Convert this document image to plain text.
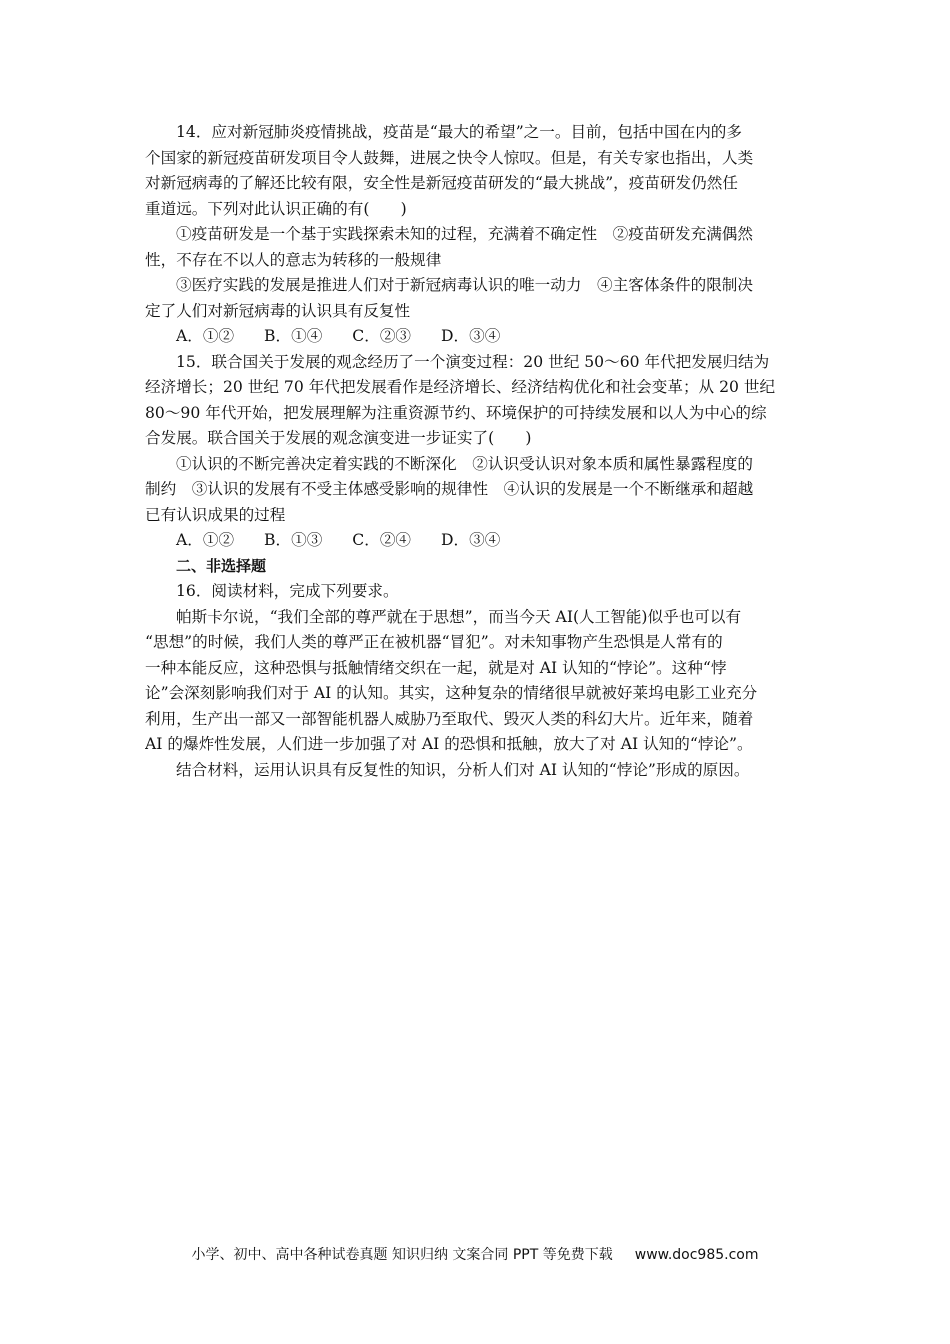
14．应对新冠肺炎疫情挑战，疫苗是“最大的希望”之一。目前，包括中国在内的多
个国家的新冠疫苗研发项目令人鼓舞，进展之快令人惊叹。但是，有关专家也指出，人类
对新冠病毒的了解还比较有限，安全性是新冠疫苗研发的“最大挑战”，疫苗研发仍然任
重道远。下列对此认识正确的有(　　)
①疫苗研发是一个基于实践探索未知的过程，充满着不确定性　②疫苗研发充满偶然
性，不存在不以人的意志为转移的一般规律
③医疗实践的发展是推进人们对于新冠病毒认识的唯一动力　④主客体条件的限制决
定了人们对新冠病毒的认识具有反复性
A．①② B．①④ C．②③ D．③④
15．联合国关于发展的观念经历了一个演变过程：20 世纪 50～60 年代把发展归结为
经济增长；20 世纪 70 年代把发展看作是经济增长、经济结构优化和社会变革；从 20 世纪
80～90 年代开始，把发展理解为注重资源节约、环境保护的可持续发展和以人为中心的综
合发展。联合国关于发展的观念演变进一步证实了(　　)
①认识的不断完善决定着实践的不断深化　②认识受认识对象本质和属性暴露程度的
制约　③认识的发展有不受主体感受影响的规律性　④认识的发展是一个不断继承和超越
已有认识成果的过程
A．①② B．①③ C．②④ D．③④
二、非选择题
16．阅读材料，完成下列要求。
帕斯卡尔说，“我们全部的尊严就在于思想”，而当今天 AI(人工智能)似乎也可以有
“思想”的时候，我们人类的尊严正在被机器“冒犯”。对未知事物产生恐惧是人常有的
一种本能反应，这种恐惧与抵触情绪交织在一起，就是对 AI 认知的“悖论”。这种“悖
论”会深刻影响我们对于 AI 的认知。其实，这种复杂的情绪很早就被好莱坞电影工业充分
利用，生产出一部又一部智能机器人威胁乃至取代、毁灭人类的科幻大片。近年来，随着
AI 的爆炸性发展，人们进一步加强了对 AI 的恐惧和抵触，放大了对 AI 认知的“悖论”。
结合材料，运用认识具有反复性的知识，分析人们对 AI 认知的“悖论”形成的原因。
小学、初中、高中各种试卷真题 知识归纳 文案合同 PPT 等免费下载 www.doc985.com
